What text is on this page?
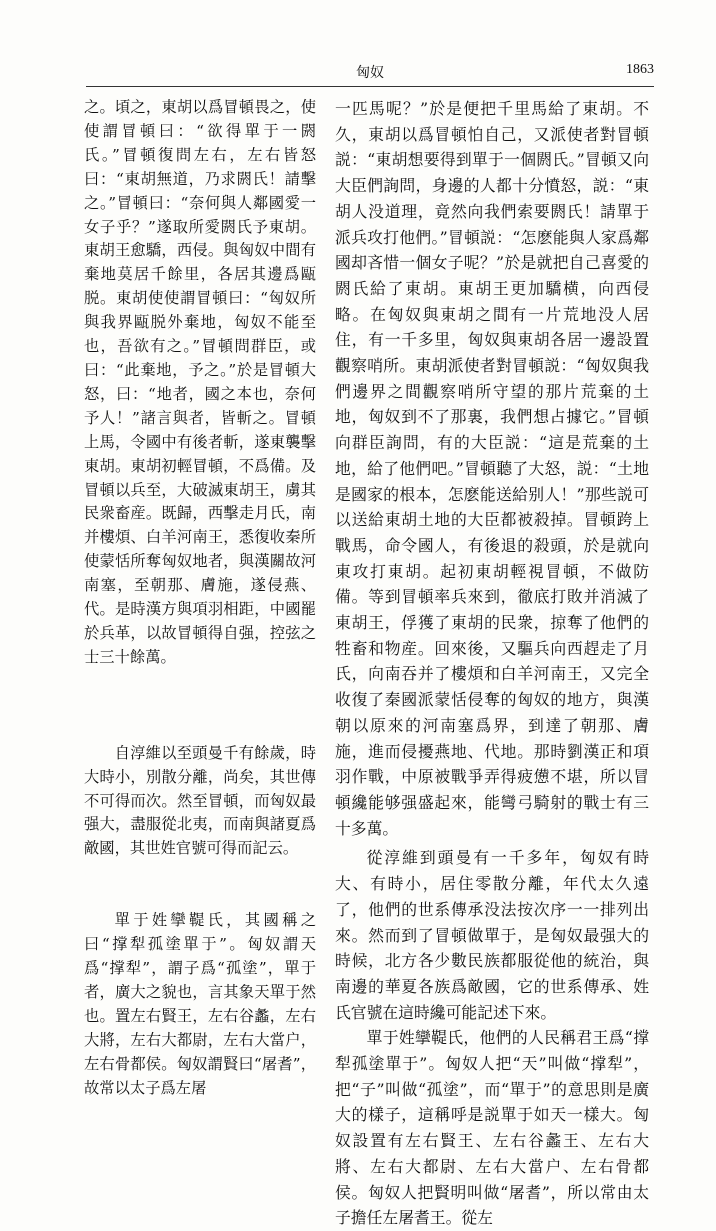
匈奴	1863

之。頃之，東胡以爲冒頓畏之，使使謂冒頓曰：“欲得單于一閼氏。”冒頓復問左右，左右皆怒曰：“東胡無道，乃求閼氏！請擊之。”冒頓曰：“奈何與人鄰國愛一女子乎？”遂取所愛閼氏予東胡。東胡王愈驕，西侵。與匈奴中間有棄地莫居千餘里，各居其邊爲甌脱。東胡使使謂冒頓曰：“匈奴所與我界甌脱外棄地，匈奴不能至也，吾欲有之。”冒頓問群臣，或曰：“此棄地，予之。”於是冒頓大怒，曰：“地者，國之本也，奈何予人！”諸言與者，皆斬之。冒頓上馬，令國中有後者斬，遂東襲擊東胡。東胡初輕冒頓，不爲備。及冒頓以兵至，大破滅東胡王，虜其民衆畜産。既歸，西擊走月氏，南并樓煩、白羊河南王，悉復收秦所使蒙恬所奪匈奴地者，與漢關故河南塞，至朝那、膚施，遂侵燕、代。是時漢方與項羽相距，中國罷於兵革，以故冒頓得自强，控弦之士三十餘萬。

自淳維以至頭曼千有餘歲，時大時小，別散分離，尚矣，其世傳不可得而次。然至冒頓，而匈奴最强大，盡服從北夷，而南與諸夏爲敵國，其世姓官號可得而記云。

單于姓攣鞮氏，其國稱之曰“撑犁孤塗單于”。匈奴謂天爲“撑犁”，謂子爲“孤塗”，單于者，廣大之貌也，言其象天單于然也。置左右賢王，左右谷蠡，左右大將，左右大都尉，左右大當户，左右骨都侯。匈奴謂賢曰“屠耆”，故常以太子爲左屠

一匹馬呢？”於是便把千里馬給了東胡。不久，東胡以爲冒頓怕自己，又派使者對冒頓説：“東胡想要得到單于一個閼氏。”冒頓又向大臣們詢問，身邊的人都十分憤怒，説：“東胡人没道理，竟然向我們索要閼氏！請單于派兵攻打他們。”冒頓説：“怎麽能與人家爲鄰國却吝惜一個女子呢？”於是就把自己喜愛的閼氏給了東胡。東胡王更加驕横，向西侵略。在匈奴與東胡之間有一片荒地没人居住，有一千多里，匈奴與東胡各居一邊設置觀察哨所。東胡派使者對冒頓説：“匈奴與我們邊界之間觀察哨所守望的那片荒棄的土地，匈奴到不了那裏，我們想占據它。”冒頓向群臣詢問，有的大臣説：“這是荒棄的土地，給了他們吧。”冒頓聽了大怒，説：“土地是國家的根本，怎麽能送給别人！”那些説可以送給東胡土地的大臣都被殺掉。冒頓跨上戰馬，命令國人，有後退的殺頭，於是就向東攻打東胡。起初東胡輕視冒頓，不做防備。等到冒頓率兵來到，徹底打敗并消滅了東胡王，俘獲了東胡的民衆，掠奪了他們的牲畜和物産。回來後，又驅兵向西趕走了月氏，向南吞并了樓煩和白羊河南王，又完全收復了秦國派蒙恬侵奪的匈奴的地方，與漢朝以原來的河南塞爲界，到達了朝那、膚施，進而侵擾燕地、代地。那時劉漢正和項羽作戰，中原被戰爭弄得疲憊不堪，所以冒頓纔能够强盛起來，能彎弓騎射的戰士有三十多萬。

從淳維到頭曼有一千多年，匈奴有時大、有時小，居住零散分離，年代太久遠了，他們的世系傳承没法按次序一一排列出來。然而到了冒頓做單于，是匈奴最强大的時候，北方各少數民族都服從他的統治，與南邊的華夏各族爲敵國，它的世系傳承、姓氏官號在這時纔可能記述下來。

單于姓攣鞮氏，他們的人民稱君王爲“撑犁孤塗單于”。匈奴人把“天”叫做“撑犁”，把“子”叫做“孤塗”，而“單于”的意思則是廣大的樣子，這稱呼是説單于如天一樣大。匈奴設置有左右賢王、左右谷蠡王、左右大將、左右大都尉、左右大當户、左右骨都侯。匈奴人把賢明叫做“屠耆”，所以常由太子擔任左屠耆王。從左
